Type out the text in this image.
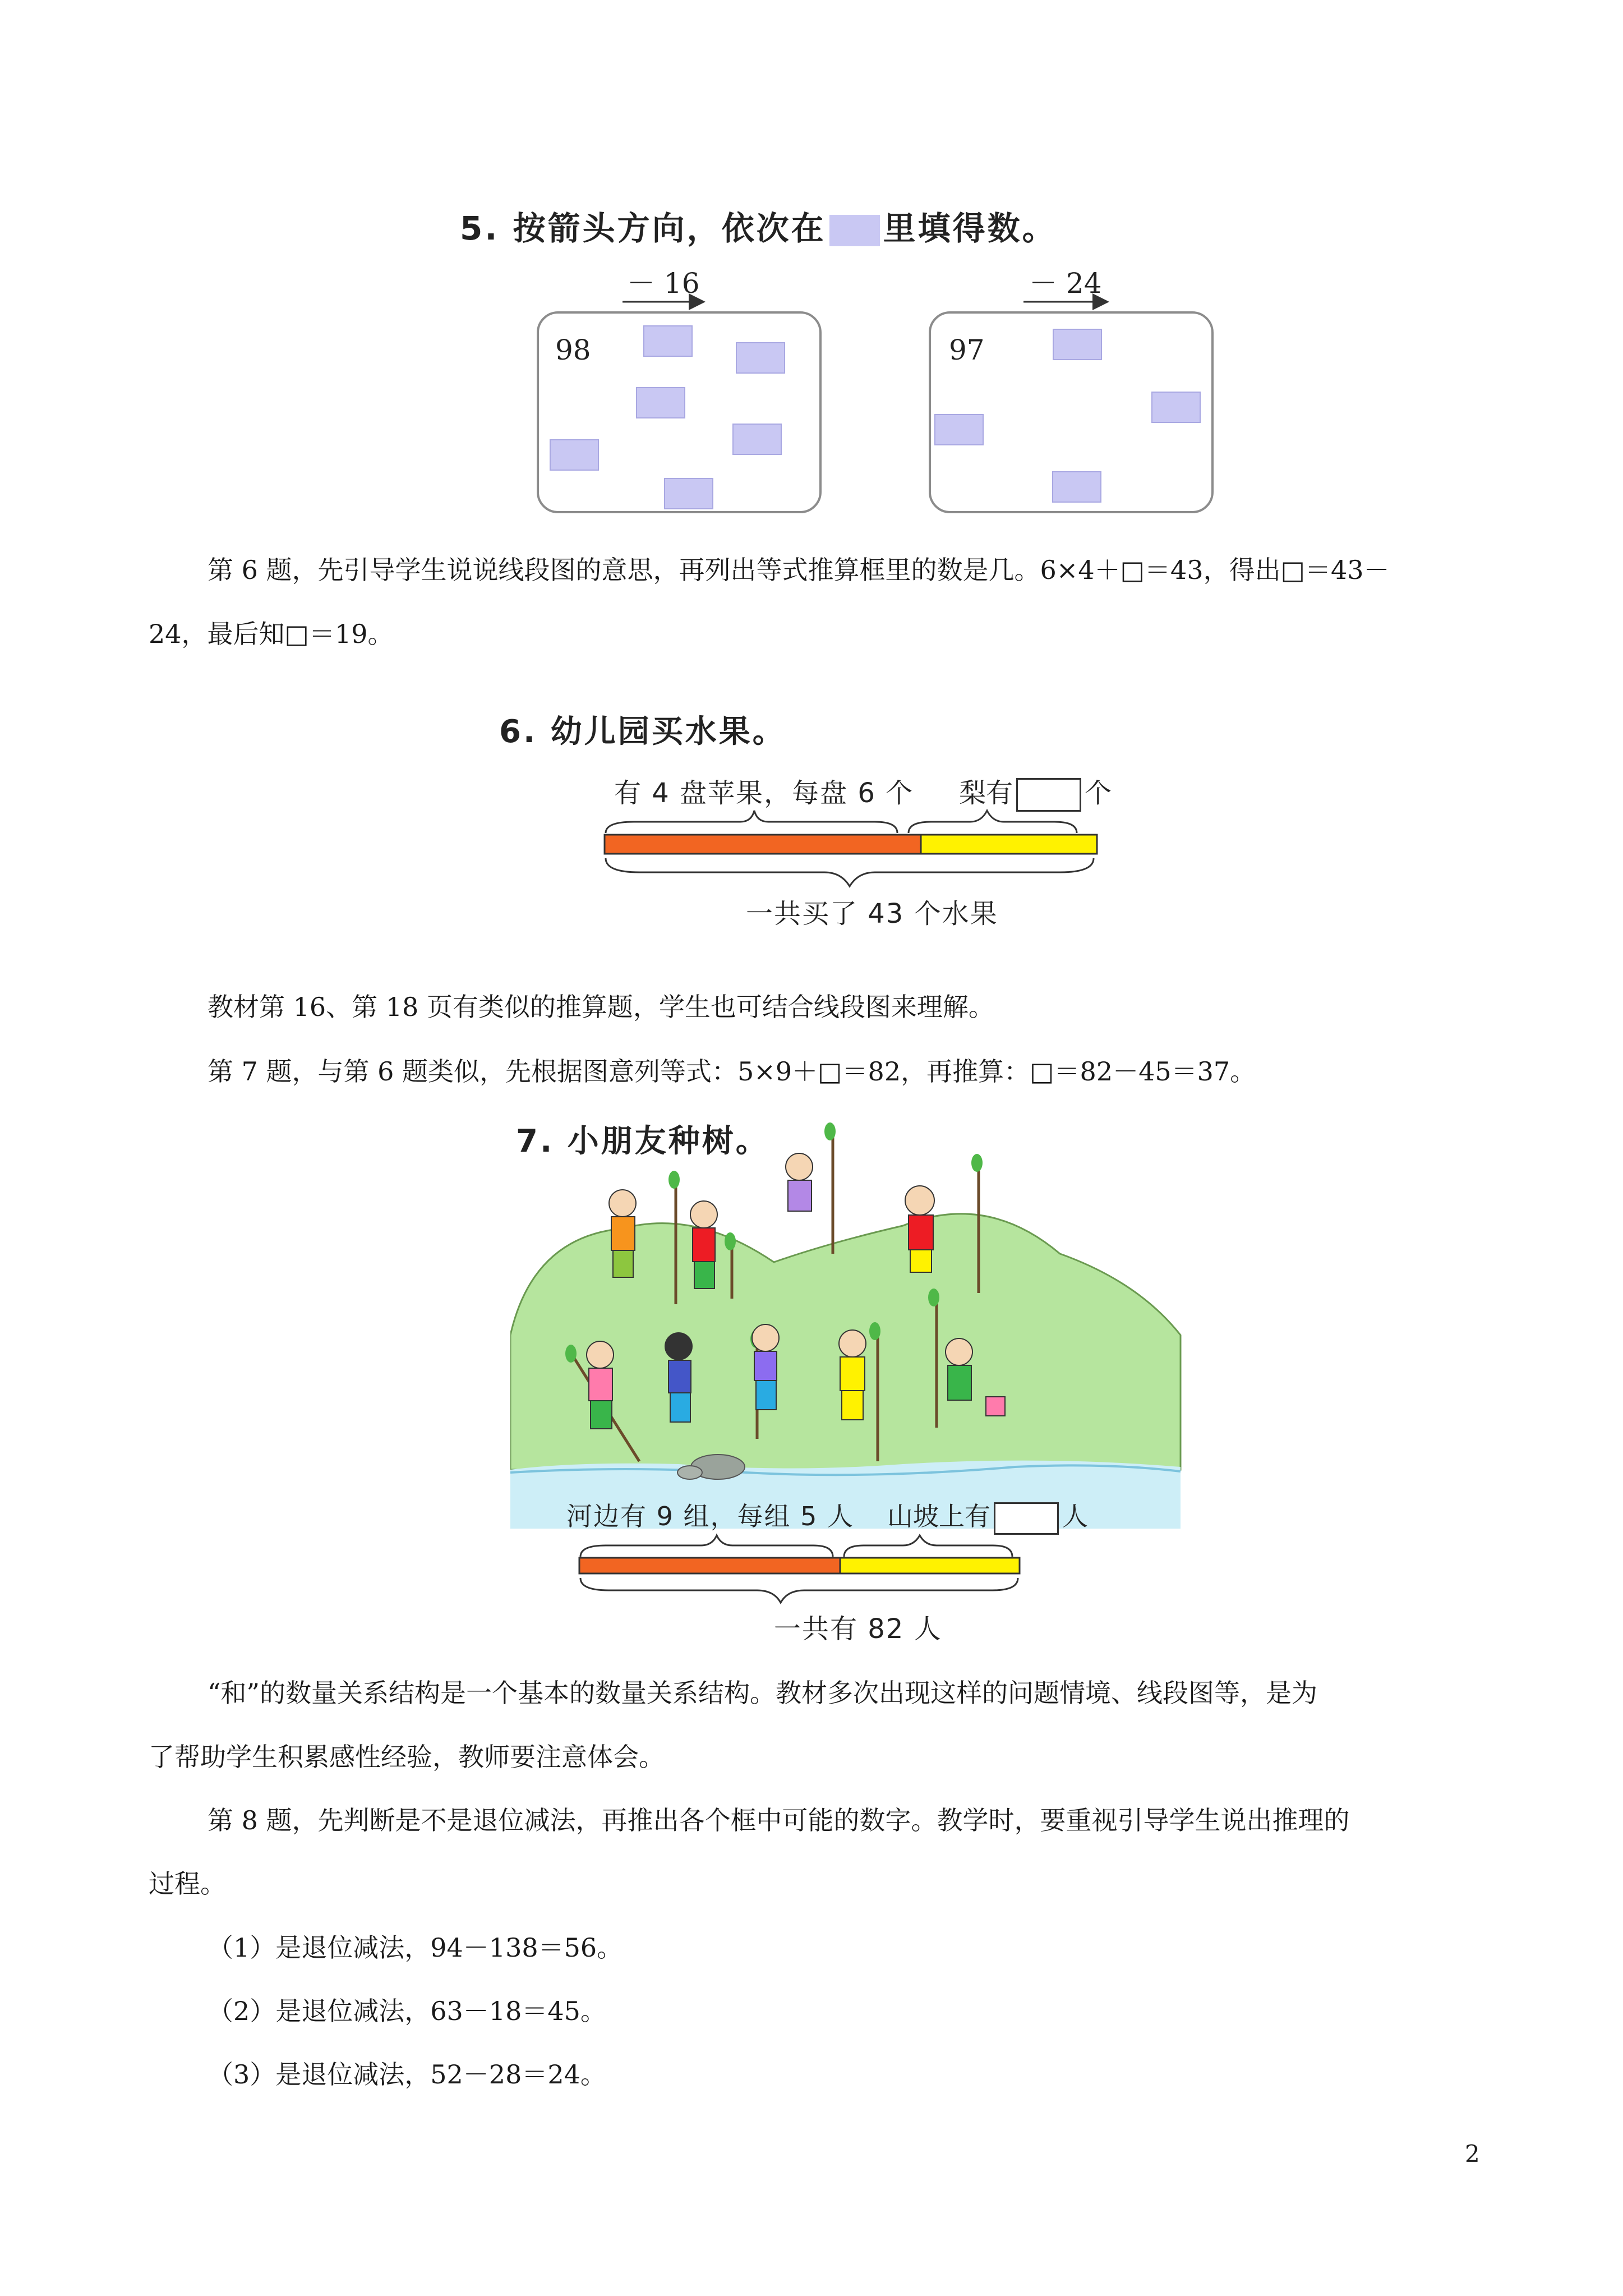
5. 按箭头方向，依次在 里填得数。
－ 16	－ 24
98	97
第 6 题，先引导学生说说线段图的意思，再列出等式推算框里的数是几。6×4＋□＝43，得出□＝43－
24，最后知□＝19。
6. 幼儿园买水果。
有 4 盘苹果，每盘 6 个 梨有	个
一共买了 43 个水果
教材第 16、第 18 页有类似的推算题，学生也可结合线段图来理解。
第 7 题，与第 6 题类似，先根据图意列等式：5×9＋□＝82，再推算：□＝82－45＝37。
7. 小朋友种树。
河边有 9 组，每组 5 人 山坡上有	人
一共有 82 人
“和”的数量关系结构是一个基本的数量关系结构。教材多次出现这样的问题情境、线段图等，是为
了帮助学生积累感性经验，教师要注意体会。
第 8 题，先判断是不是退位减法，再推出各个框中可能的数字。教学时，要重视引导学生说出推理的
过程。
（1）是退位减法，94－138＝56。
（2）是退位减法，63－18＝45。
（3）是退位减法，52－28＝24。
2
